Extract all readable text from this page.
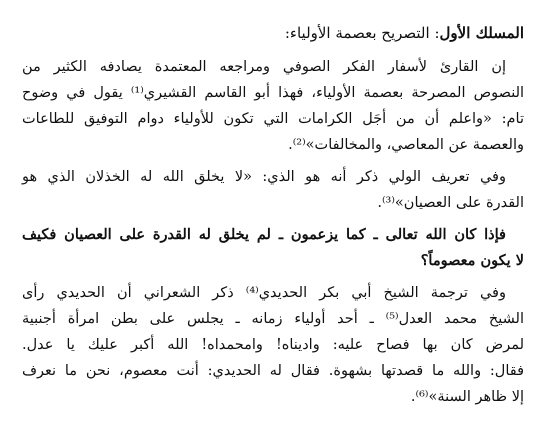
المسلك الأول: التصريح بعصمة الأولياء:
إن القارئ لأسفار الفكر الصوفي ومراجعه المعتمدة يصادفه الكثير من
النصوص المصرحة بعصمة الأولياء، فهذا أبو القاسم القشيري⁽¹⁾ يقول في وضوح
تام: «واعلم أن من أجَل الكرامات التي تكون للأولياء دوام التوفيق للطاعات
والعصمة عن المعاصي، والمخالفات»⁽²⁾.
وفي تعريف الولي ذكر أنه هو الذي: «لا يخلق الله له الخذلان الذي هو
القدرة على العصيان»⁽³⁾.
فإذا كان الله تعالى ـ كما يزعمون ـ لم يخلق له القدرة على العصيان فكيف
لا يكون معصوماً؟
وفي ترجمة الشيخ أبي بكر الحديدي⁽⁴⁾ ذكر الشعراني أن الحديدي رأى
الشيخ محمد العدل⁽⁵⁾ ـ أحد أولياء زمانه ـ يجلس على بطن امرأة أجنبية
لمرض كان بها فصاح عليه: واديناه! وامحمداه! الله أكبر عليك يا عدل.
فقال: والله ما قصدتها بشهوة. فقال له الحديدي: أنت معصوم، نحن ما نعرف
إلا ظاهر السنة»⁽⁶⁾.
